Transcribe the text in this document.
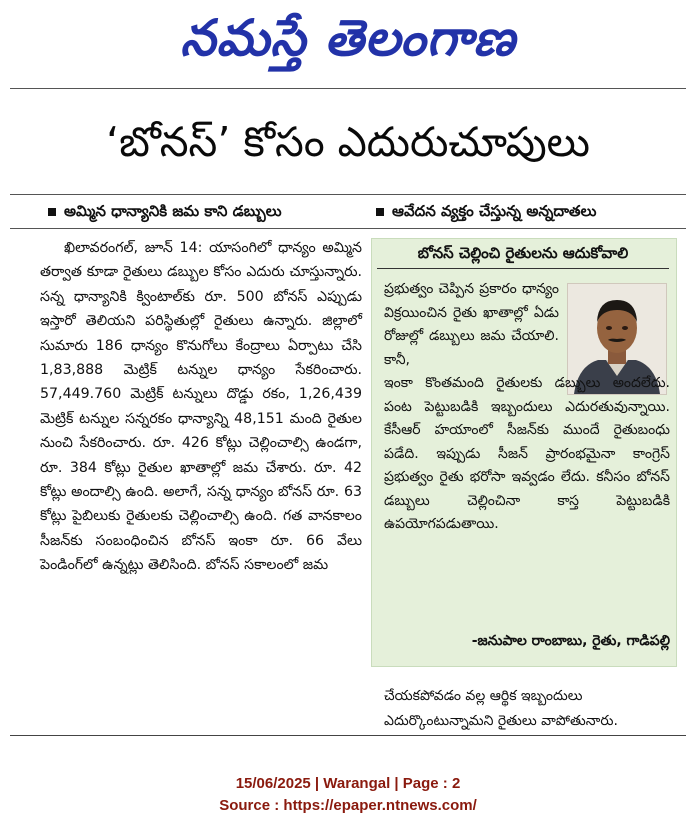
నమస్తే తెలంగాణ
‘బోనస్’ కోసం ఎదురుచూపులు
అమ్మిన ధాన్యానికి జమ కాని డబ్బులు	ఆవేదన వ్యక్తం చేస్తున్న అన్నదాతలు

ఖిలావరంగల్, జూన్ 14: యాసంగిలో ధాన్యం అమ్మిన తర్వాత కూడా రైతులు డబ్బుల కోసం ఎదురు చూస్తున్నారు. సన్న ధాన్యానికి క్వింటాల్‌కు రూ. 500 బోనస్ ఎప్పుడు ఇస్తారో తెలియని పరిస్థితుల్లో రైతులు ఉన్నారు. జిల్లాలో సుమారు 186 ధాన్యం కొనుగోలు కేంద్రాలు ఏర్పాటు చేసి 1,83,888 మెట్రిక్ టన్నుల ధాన్యం సేకరించారు. 57,449.760 మెట్రిక్ టన్నులు దొడ్డు రకం, 1,26,439 మెట్రిక్ టన్నుల సన్నరకం ధాన్యాన్ని 48,151 మంది రైతుల నుంచి సేకరించారు. రూ. 426 కోట్లు చెల్లించాల్సి ఉండగా, రూ. 384 కోట్లు రైతుల ఖాతాల్లో జమ చేశారు. రూ. 42 కోట్లు అందాల్సి ఉంది. అలాగే, సన్న ధాన్యం బోనస్ రూ. 63 కోట్లు పైబిలుకు రైతులకు చెల్లించాల్సి ఉంది. గత వానకాలం సీజన్‌కు సంబంధించిన బోనస్ ఇంకా రూ. 66 వేలు పెండింగ్‌లో ఉన్నట్లు తెలిసింది. బోనస్ సకాలంలో జమ

బోనస్ చెల్లించి రైతులను ఆదుకోవాలి
ప్రభుత్వం చెప్పిన ప్రకారం ధాన్యం విక్రయించిన రైతు ఖాతాల్లో ఏడు రోజుల్లో డబ్బులు జమ చేయాలి. కానీ,
ఇంకా కొంతమంది రైతులకు డబ్బులు అందలేదు. పంట పెట్టుబడికి ఇబ్బందులు ఎదురతువున్నాయి. కేసీఆర్ హయాంలో సీజన్‌కు ముందే రైతుబంధు పడేది. ఇప్పుడు సీజన్ ప్రారంభమైనా కాంగ్రెస్ ప్రభుత్వం రైతు భరోసా ఇవ్వడం లేదు. కనీసం బోనస్ డబ్బులు చెల్లించినా కాస్త పెట్టుబడికి ఉపయోగపడుతాయి.
-జనుపాల రాంబాబు, రైతు, గాడిపల్లి
చేయకపోవడం వల్ల ఆర్థిక ఇబ్బందులు ఎదుర్కొంటున్నామని రైతులు వాపోతునారు.
15/06/2025 | Warangal | Page : 2
Source : https://epaper.ntnews.com/
